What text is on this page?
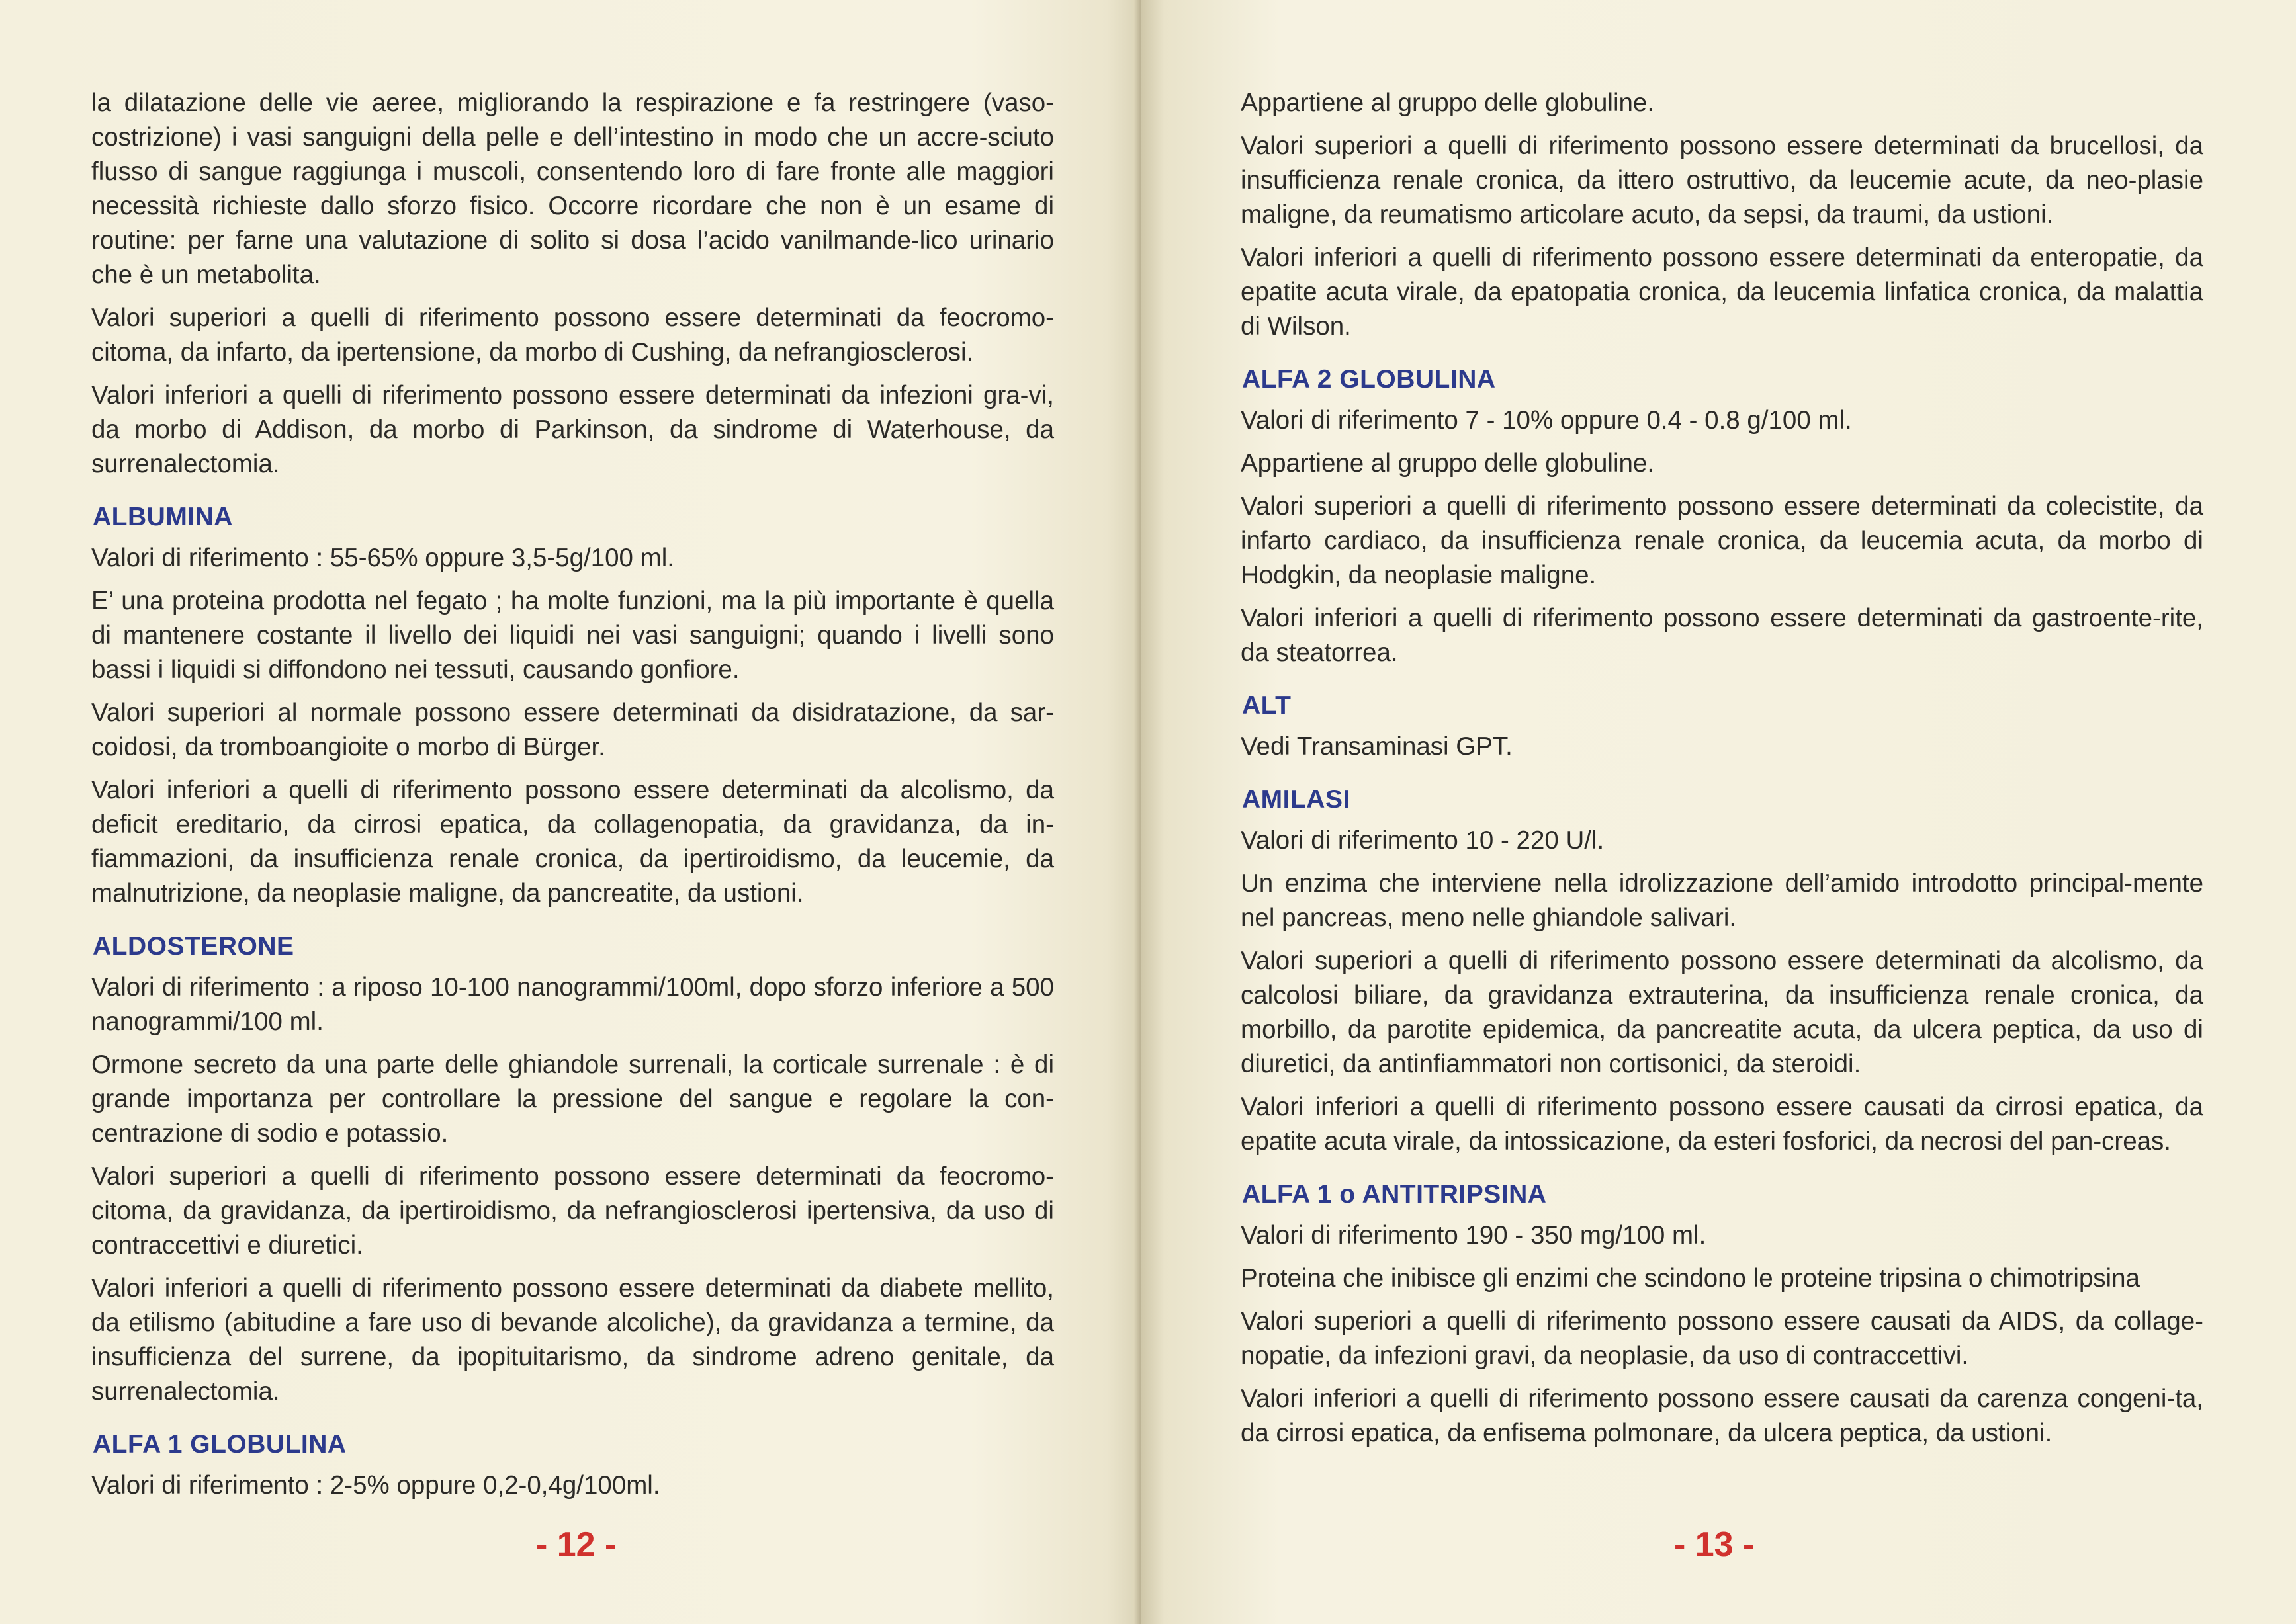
la dilatazione delle vie aeree, migliorando la respirazione e fa restringere (vaso-costrizione) i vasi sanguigni della pelle e dell’intestino in modo che un accre-sciuto flusso di sangue raggiunga i muscoli, consentendo loro di fare fronte alle maggiori necessità richieste dallo sforzo fisico. Occorre ricordare che non è un esame di routine: per farne una valutazione di solito si dosa l’acido vanilmande-lico urinario che è un metabolita.

Valori superiori a quelli di riferimento possono essere determinati da feocromo-citoma, da infarto, da ipertensione, da morbo di Cushing, da nefrangiosclerosi.

Valori inferiori a quelli di riferimento possono essere determinati da infezioni gra-vi, da morbo di Addison, da morbo di Parkinson, da sindrome di Waterhouse, da surrenalectomia.

ALBUMINA

Valori di riferimento : 55-65% oppure 3,5-5g/100 ml.

E’ una proteina prodotta nel fegato ; ha molte funzioni, ma la più importante è quella di mantenere costante il livello dei liquidi nei vasi sanguigni; quando i livelli sono bassi i liquidi si diffondono nei tessuti, causando gonfiore.

Valori superiori al normale possono essere determinati da disidratazione, da sar-coidosi, da tromboangioite o morbo di Bürger.

Valori inferiori a quelli di riferimento possono essere determinati da alcolismo, da deficit ereditario, da cirrosi epatica, da collagenopatia, da gravidanza, da in-fiammazioni, da insufficienza renale cronica, da ipertiroidismo, da leucemie, da malnutrizione, da neoplasie maligne, da pancreatite, da ustioni.

ALDOSTERONE

Valori di riferimento : a riposo 10-100 nanogrammi/100ml, dopo sforzo inferiore a 500 nanogrammi/100 ml.

Ormone secreto da una parte delle ghiandole surrenali, la corticale surrenale : è di grande importanza per controllare la pressione del sangue e regolare la con-centrazione di sodio e potassio.

Valori superiori a quelli di riferimento possono essere determinati da feocromo-citoma, da gravidanza, da ipertiroidismo, da nefrangiosclerosi ipertensiva, da uso di contraccettivi e diuretici.

Valori inferiori a quelli di riferimento possono essere determinati da diabete mellito, da etilismo (abitudine a fare uso di bevande alcoliche), da gravidanza a termine, da insufficienza del surrene, da ipopituitarismo, da sindrome adreno genitale, da surrenalectomia.

ALFA 1 GLOBULINA

Valori di riferimento : 2-5% oppure 0,2-0,4g/100ml.

- 12 -

Appartiene al gruppo delle globuline.

Valori superiori a quelli di riferimento possono essere determinati da brucellosi, da insufficienza renale cronica, da ittero ostruttivo, da leucemie acute, da neo-plasie maligne, da reumatismo articolare acuto, da sepsi, da traumi, da ustioni.

Valori inferiori a quelli di riferimento possono essere determinati da enteropatie, da epatite acuta virale, da epatopatia cronica, da leucemia linfatica cronica, da malattia di Wilson.

ALFA 2 GLOBULINA

Valori di riferimento 7 - 10% oppure 0.4 - 0.8 g/100 ml.

Appartiene al gruppo delle globuline.

Valori superiori a quelli di riferimento possono essere determinati da colecistite, da infarto cardiaco, da insufficienza renale cronica, da leucemia acuta, da morbo di Hodgkin, da neoplasie maligne.

Valori inferiori a quelli di riferimento possono essere determinati da gastroente-rite, da steatorrea.

ALT

Vedi Transaminasi GPT.

AMILASI

Valori di riferimento 10 - 220 U/l.

Un enzima che interviene nella idrolizzazione dell’amido introdotto principal-mente nel pancreas, meno nelle ghiandole salivari.

Valori superiori a quelli di riferimento possono essere determinati da alcolismo, da calcolosi biliare, da gravidanza extrauterina, da insufficienza renale cronica, da morbillo, da parotite epidemica, da pancreatite acuta, da ulcera peptica, da uso di diuretici, da antinfiammatori non cortisonici, da steroidi.

Valori inferiori a quelli di riferimento possono essere causati da cirrosi epatica, da epatite acuta virale, da intossicazione, da esteri fosforici, da necrosi del pan-creas.

ALFA 1 o ANTITRIPSINA

Valori di riferimento 190 - 350 mg/100 ml.

Proteina che inibisce gli enzimi che scindono le proteine tripsina o chimotripsina

Valori superiori a quelli di riferimento possono essere causati da AIDS, da collage-nopatie, da infezioni gravi, da neoplasie, da uso di contraccettivi.

Valori inferiori a quelli di riferimento possono essere causati da carenza congeni-ta, da cirrosi epatica, da enfisema polmonare, da ulcera peptica, da ustioni.

- 13 -
